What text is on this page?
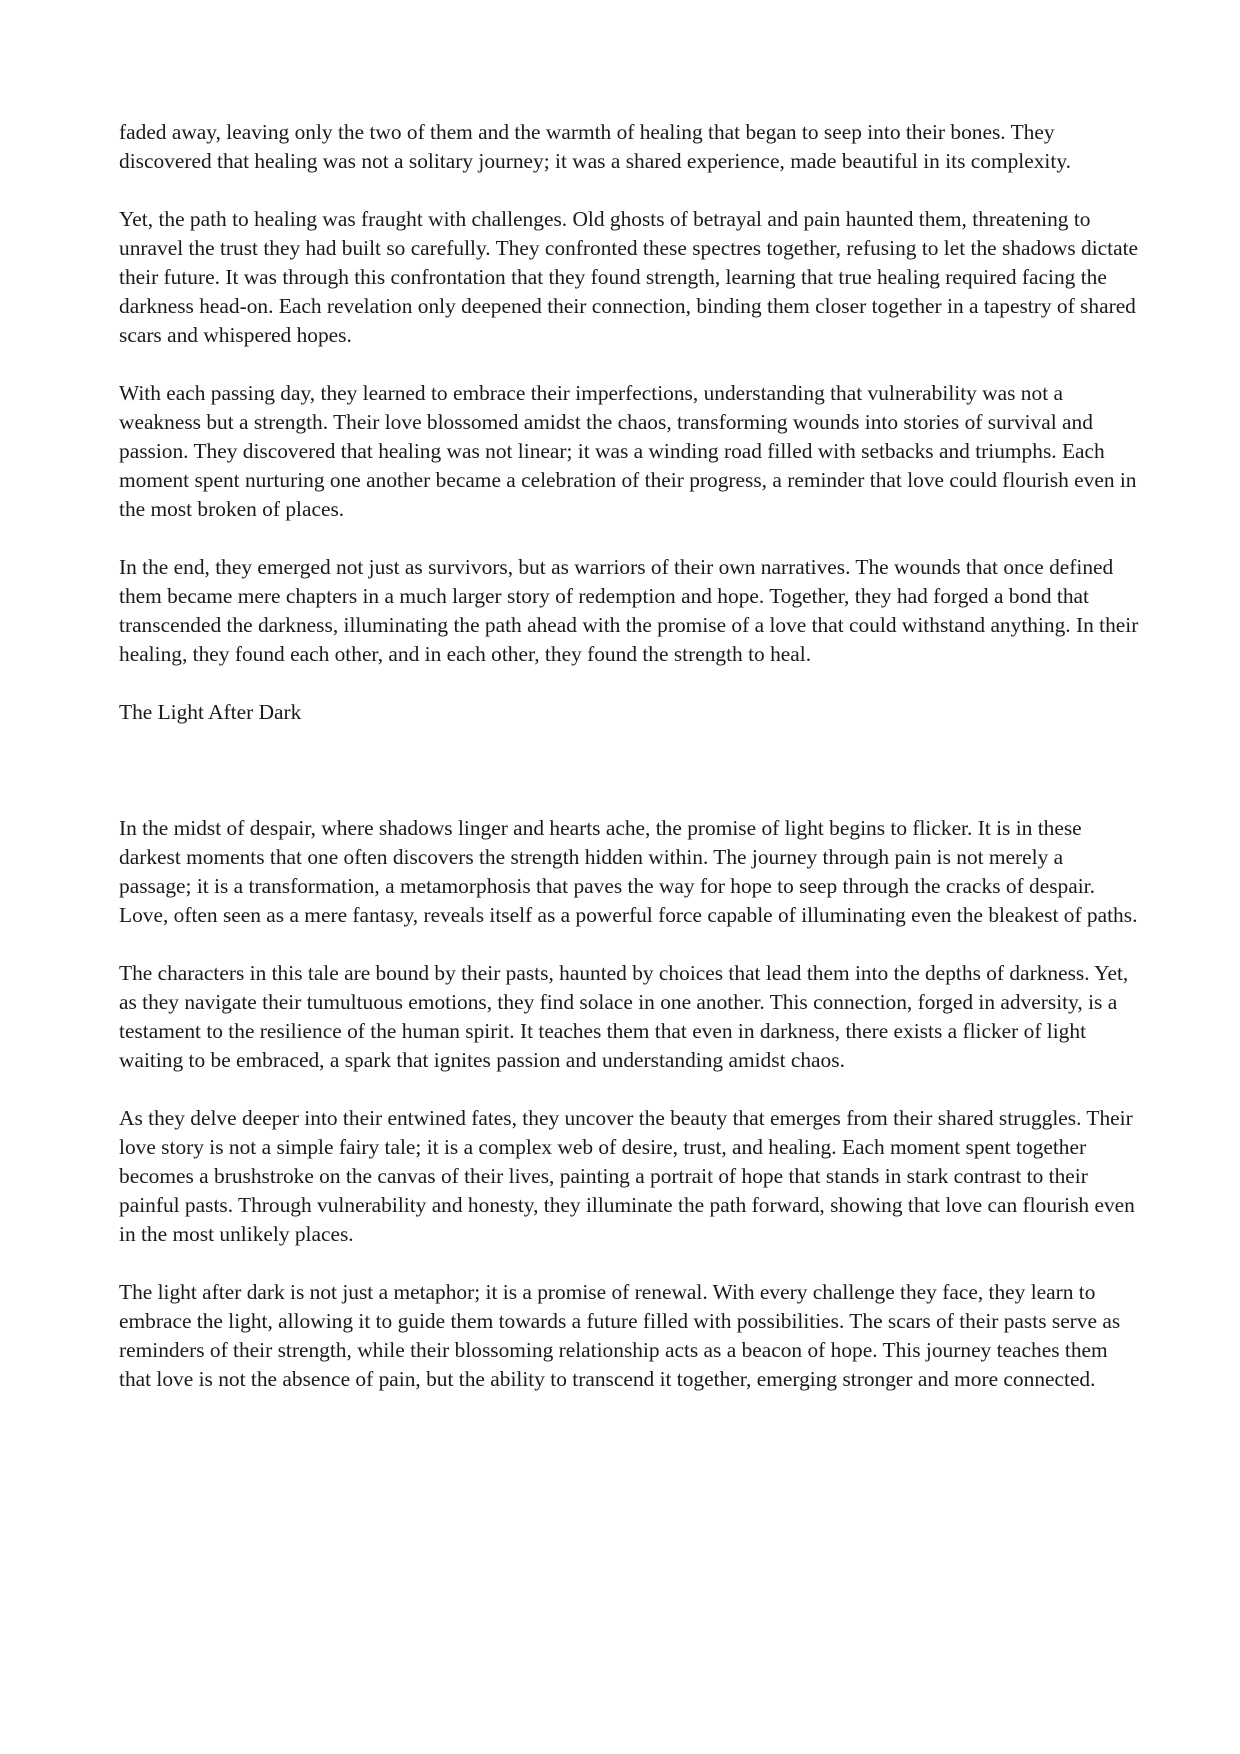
faded away, leaving only the two of them and the warmth of healing that began to seep into their bones. They discovered that healing was not a solitary journey; it was a shared experience, made beautiful in its complexity.

Yet, the path to healing was fraught with challenges. Old ghosts of betrayal and pain haunted them, threatening to unravel the trust they had built so carefully. They confronted these spectres together, refusing to let the shadows dictate their future. It was through this confrontation that they found strength, learning that true healing required facing the darkness head-on. Each revelation only deepened their connection, binding them closer together in a tapestry of shared scars and whispered hopes.

With each passing day, they learned to embrace their imperfections, understanding that vulnerability was not a weakness but a strength. Their love blossomed amidst the chaos, transforming wounds into stories of survival and passion. They discovered that healing was not linear; it was a winding road filled with setbacks and triumphs. Each moment spent nurturing one another became a celebration of their progress, a reminder that love could flourish even in the most broken of places.

In the end, they emerged not just as survivors, but as warriors of their own narratives. The wounds that once defined them became mere chapters in a much larger story of redemption and hope. Together, they had forged a bond that transcended the darkness, illuminating the path ahead with the promise of a love that could withstand anything. In their healing, they found each other, and in each other, they found the strength to heal.

The Light After Dark

In the midst of despair, where shadows linger and hearts ache, the promise of light begins to flicker. It is in these darkest moments that one often discovers the strength hidden within. The journey through pain is not merely a passage; it is a transformation, a metamorphosis that paves the way for hope to seep through the cracks of despair. Love, often seen as a mere fantasy, reveals itself as a powerful force capable of illuminating even the bleakest of paths.

The characters in this tale are bound by their pasts, haunted by choices that lead them into the depths of darkness. Yet, as they navigate their tumultuous emotions, they find solace in one another. This connection, forged in adversity, is a testament to the resilience of the human spirit. It teaches them that even in darkness, there exists a flicker of light waiting to be embraced, a spark that ignites passion and understanding amidst chaos.

As they delve deeper into their entwined fates, they uncover the beauty that emerges from their shared struggles. Their love story is not a simple fairy tale; it is a complex web of desire, trust, and healing. Each moment spent together becomes a brushstroke on the canvas of their lives, painting a portrait of hope that stands in stark contrast to their painful pasts. Through vulnerability and honesty, they illuminate the path forward, showing that love can flourish even in the most unlikely places.

The light after dark is not just a metaphor; it is a promise of renewal. With every challenge they face, they learn to embrace the light, allowing it to guide them towards a future filled with possibilities. The scars of their pasts serve as reminders of their strength, while their blossoming relationship acts as a beacon of hope. This journey teaches them that love is not the absence of pain, but the ability to transcend it together, emerging stronger and more connected.
